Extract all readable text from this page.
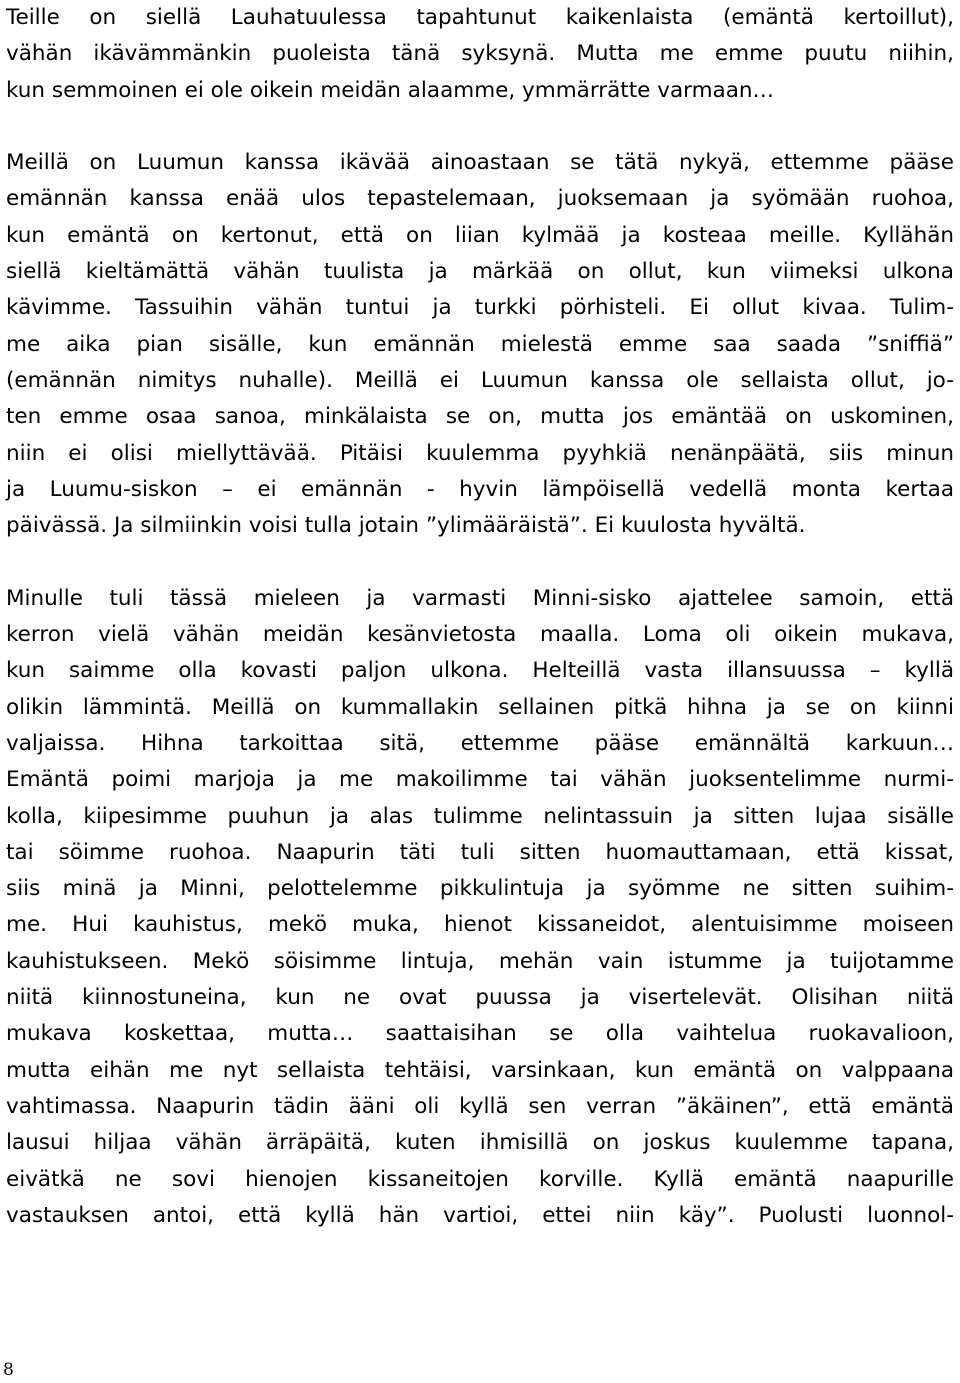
Teille on siellä Lauhatuulessa tapahtunut kaikenlaista (emäntä kertoillut),
vähän ikävämmänkin puoleista tänä syksynä. Mutta me emme puutu niihin,
kun semmoinen ei ole oikein meidän alaamme, ymmärrätte varmaan…
Meillä on Luumun kanssa ikävää ainoastaan se tätä nykyä, ettemme pääse
emännän kanssa enää ulos tepastelemaan, juoksemaan ja syömään ruohoa,
kun emäntä on kertonut, että on liian kylmää ja kosteaa meille. Kyllähän
siellä kieltämättä vähän tuulista ja märkää on ollut, kun viimeksi ulkona
kävimme. Tassuihin vähän tuntui ja turkki pörhisteli. Ei ollut kivaa. Tulim-
me aika pian sisälle, kun emännän mielestä emme saa saada ”sniffiä”
(emännän nimitys nuhalle). Meillä ei Luumun kanssa ole sellaista ollut, jo-
ten emme osaa sanoa, minkälaista se on, mutta jos emäntää on uskominen,
niin ei olisi miellyttävää. Pitäisi kuulemma pyyhkiä nenänpäätä, siis minun
ja Luumu-siskon – ei emännän - hyvin lämpöisellä vedellä monta kertaa
päivässä. Ja silmiinkin voisi tulla jotain ”ylimääräistä”. Ei kuulosta hyvältä.
Minulle tuli tässä mieleen ja varmasti Minni-sisko ajattelee samoin, että
kerron vielä vähän meidän kesänvietosta maalla. Loma oli oikein mukava,
kun saimme olla kovasti paljon ulkona. Helteillä vasta illansuussa – kyllä
olikin lämmintä. Meillä on kummallakin sellainen pitkä hihna ja se on kiinni
valjaissa. Hihna tarkoittaa sitä, ettemme pääse emännältä karkuun…
Emäntä poimi marjoja ja me makoilimme tai vähän juoksentelimme nurmi-
kolla, kiipesimme puuhun ja alas tulimme nelintassuin ja sitten lujaa sisälle
tai söimme ruohoa. Naapurin täti tuli sitten huomauttamaan, että kissat,
siis minä ja Minni, pelottelemme pikkulintuja ja syömme ne sitten suihim-
me. Hui kauhistus, mekö muka, hienot kissaneidot, alentuisimme moiseen
kauhistukseen. Mekö söisimme lintuja, mehän vain istumme ja tuijotamme
niitä kiinnostuneina, kun ne ovat puussa ja visertelevät. Olisihan niitä
mukava koskettaa, mutta… saattaisihan se olla vaihtelua ruokavalioon,
mutta eihän me nyt sellaista tehtäisi, varsinkaan, kun emäntä on valppaana
vahtimassa. Naapurin tädin ääni oli kyllä sen verran ”äkäinen”, että emäntä
lausui hiljaa vähän ärräpäitä, kuten ihmisillä on joskus kuulemme tapana,
eivätkä ne sovi hienojen kissaneitojen korville. Kyllä emäntä naapurille
vastauksen antoi, että kyllä hän vartioi, ettei niin käy”. Puolusti luonnol-
8
